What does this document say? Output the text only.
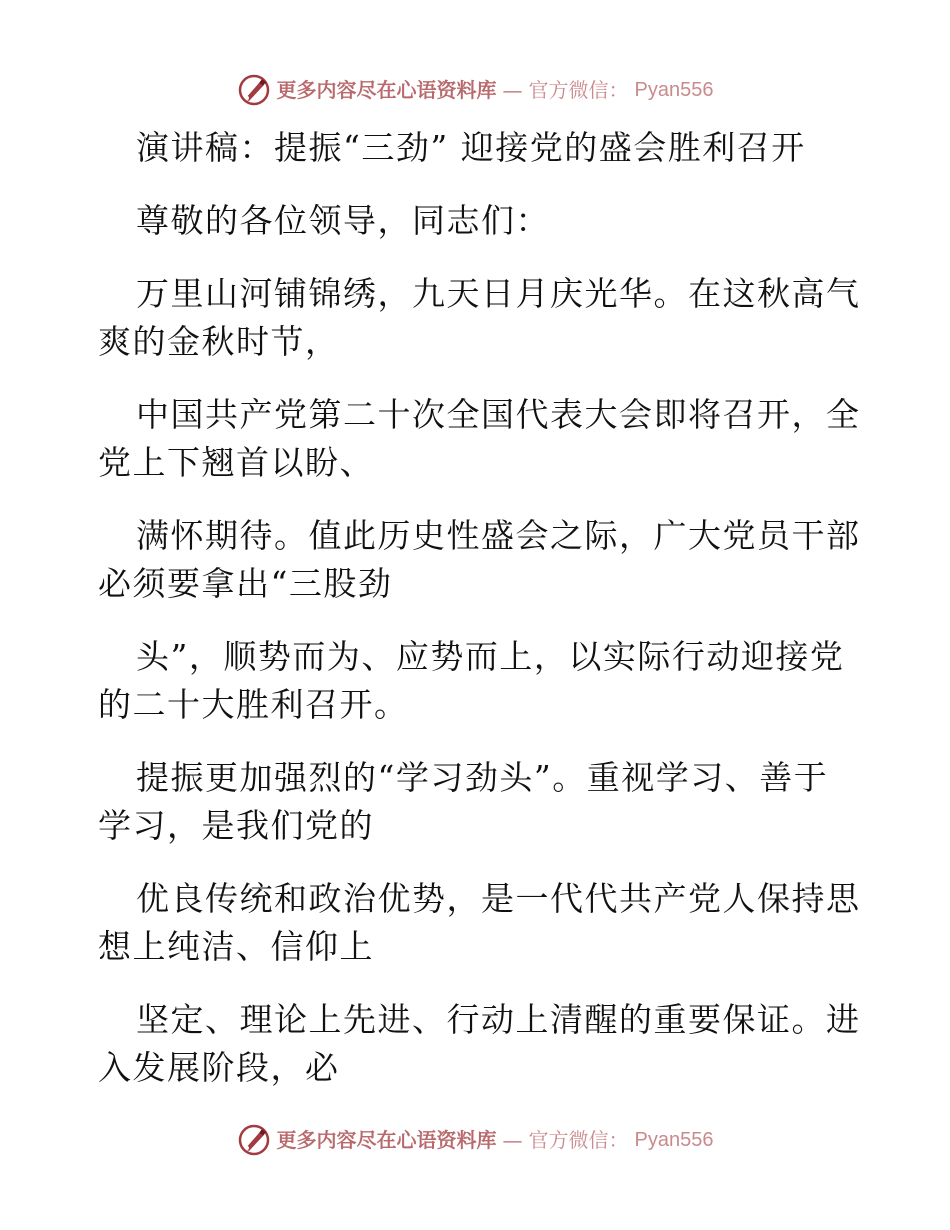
更多内容尽在心语资料库 — 官方微信： Pyan556
演讲稿：提振“三劲” 迎接党的盛会胜利召开
尊敬的各位领导，同志们：
万里山河铺锦绣，九天日月庆光华。在这秋高气
爽的金秋时节，
中国共产党第二十次全国代表大会即将召开，全
党上下翘首以盼、
满怀期待。值此历史性盛会之际，广大党员干部
必须要拿出“三股劲
头”，顺势而为、应势而上，以实际行动迎接党
的二十大胜利召开。
提振更加强烈的“学习劲头”。重视学习、善于
学习，是我们党的
优良传统和政治优势，是一代代共产党人保持思
想上纯洁、信仰上
坚定、理论上先进、行动上清醒的重要保证。进
入发展阶段，必
更多内容尽在心语资料库 — 官方微信： Pyan556
